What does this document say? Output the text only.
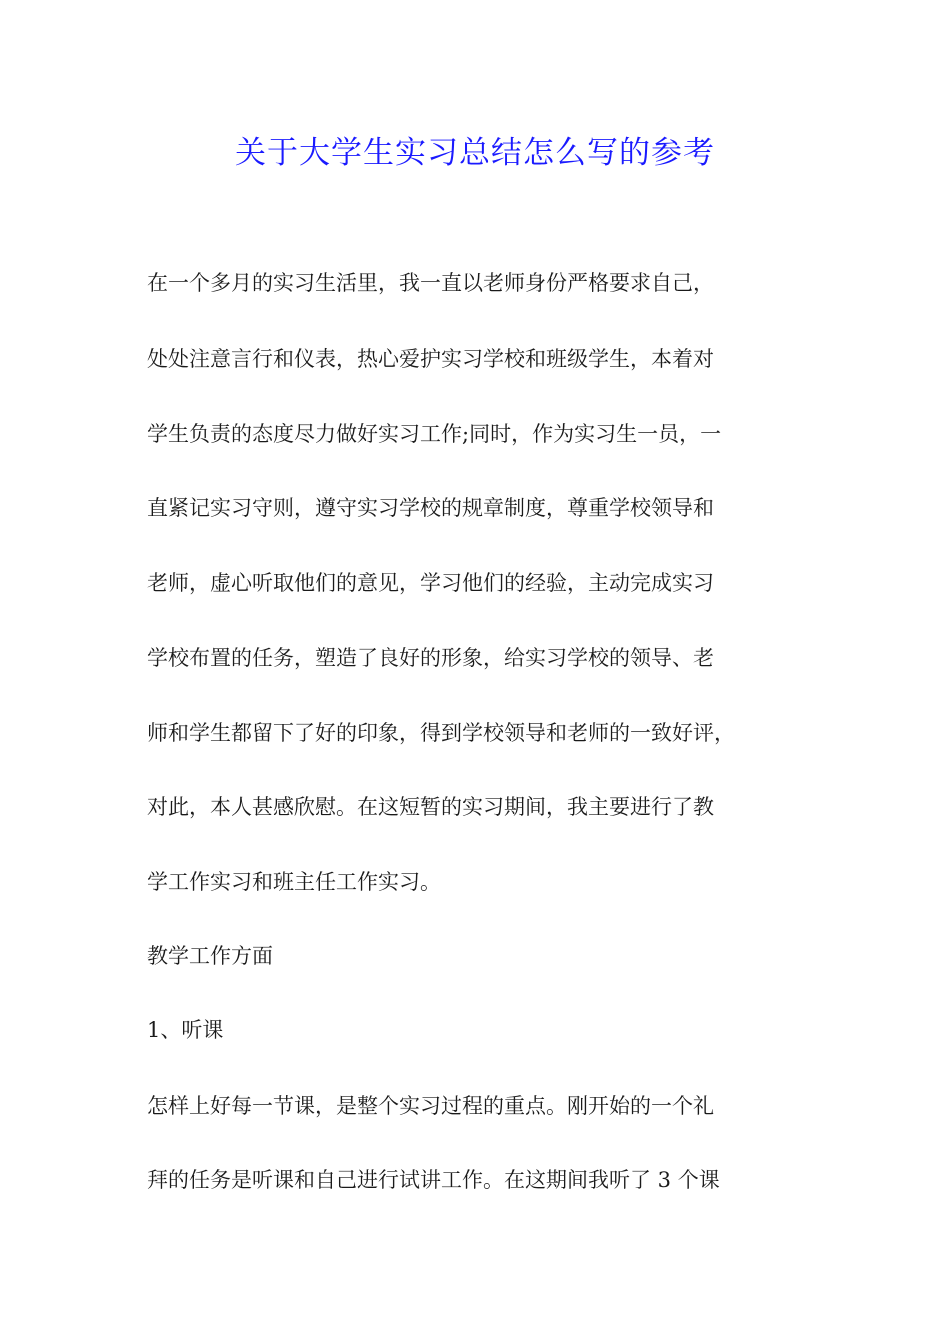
关于大学生实习总结怎么写的参考

在一个多月的实习生活里，我一直以老师身份严格要求自己，

处处注意言行和仪表，热心爱护实习学校和班级学生，本着对

学生负责的态度尽力做好实习工作;同时，作为实习生一员，一

直紧记实习守则，遵守实习学校的规章制度，尊重学校领导和

老师，虚心听取他们的意见，学习他们的经验，主动完成实习

学校布置的任务，塑造了良好的形象，给实习学校的领导、老

师和学生都留下了好的印象，得到学校领导和老师的一致好评，

对此，本人甚感欣慰。在这短暂的实习期间，我主要进行了教

学工作实习和班主任工作实习。

教学工作方面

1、听课

怎样上好每一节课，是整个实习过程的重点。刚开始的一个礼

拜的任务是听课和自己进行试讲工作。在这期间我听了 3 个课
